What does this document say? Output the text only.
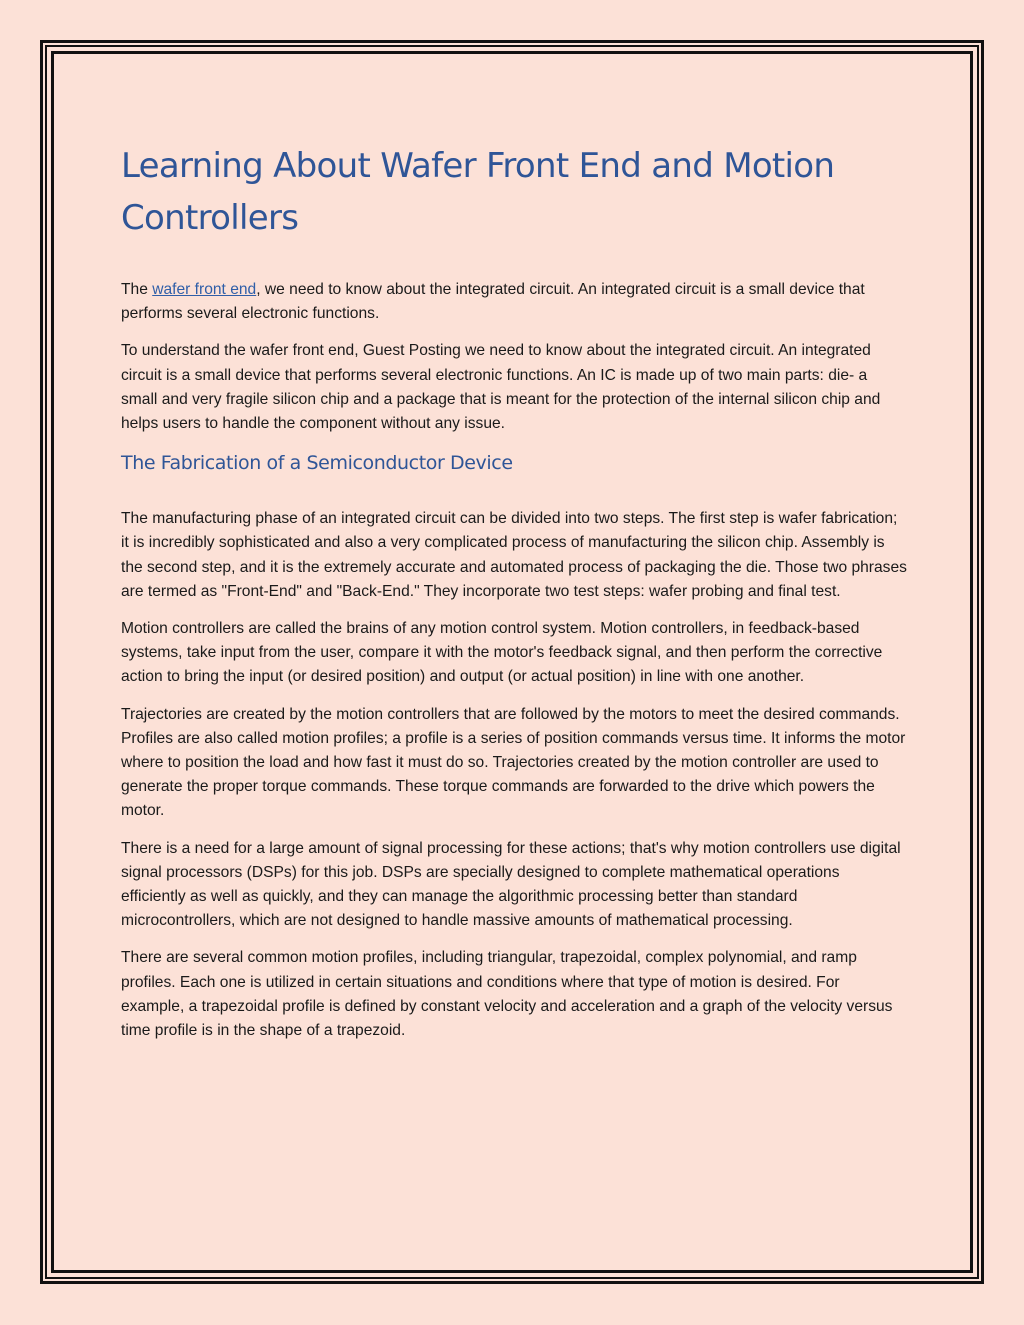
Learning About Wafer Front End and Motion Controllers

The wafer front end, we need to know about the integrated circuit. An integrated circuit is a small device that performs several electronic functions.

To understand the wafer front end, Guest Posting we need to know about the integrated circuit. An integrated circuit is a small device that performs several electronic functions. An IC is made up of two main parts: die- a small and very fragile silicon chip and a package that is meant for the protection of the internal silicon chip and helps users to handle the component without any issue.

The Fabrication of a Semiconductor Device

The manufacturing phase of an integrated circuit can be divided into two steps. The first step is wafer fabrication; it is incredibly sophisticated and also a very complicated process of manufacturing the silicon chip. Assembly is the second step, and it is the extremely accurate and automated process of packaging the die. Those two phrases are termed as "Front-End" and "Back-End." They incorporate two test steps: wafer probing and final test.

Motion controllers are called the brains of any motion control system. Motion controllers, in feedback-based systems, take input from the user, compare it with the motor's feedback signal, and then perform the corrective action to bring the input (or desired position) and output (or actual position) in line with one another.

Trajectories are created by the motion controllers that are followed by the motors to meet the desired commands. Profiles are also called motion profiles; a profile is a series of position commands versus time. It informs the motor where to position the load and how fast it must do so. Trajectories created by the motion controller are used to generate the proper torque commands. These torque commands are forwarded to the drive which powers the motor.

There is a need for a large amount of signal processing for these actions; that's why motion controllers use digital signal processors (DSPs) for this job. DSPs are specially designed to complete mathematical operations efficiently as well as quickly, and they can manage the algorithmic processing better than standard microcontrollers, which are not designed to handle massive amounts of mathematical processing.

There are several common motion profiles, including triangular, trapezoidal, complex polynomial, and ramp profiles. Each one is utilized in certain situations and conditions where that type of motion is desired. For example, a trapezoidal profile is defined by constant velocity and acceleration and a graph of the velocity versus time profile is in the shape of a trapezoid.
